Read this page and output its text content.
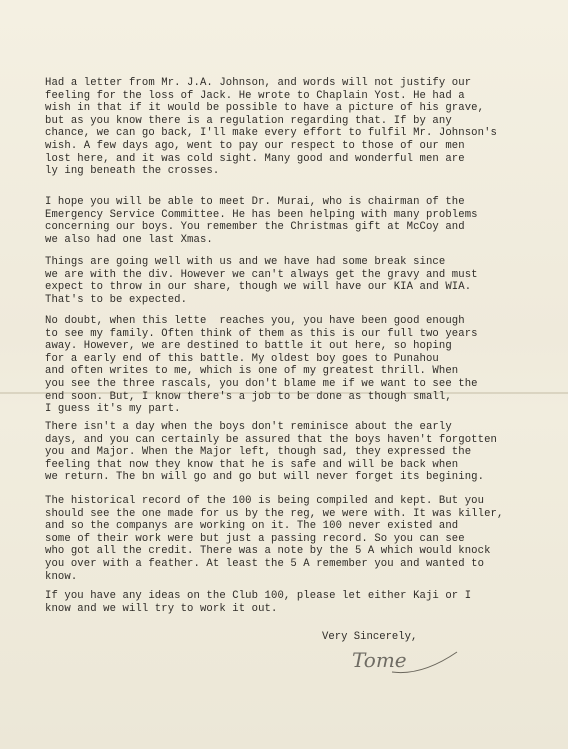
Had a letter from Mr. J.A. Johnson, and words will not justify our
feeling for the loss of Jack. He wrote to Chaplain Yost. He had a
wish in that if it would be possible to have a picture of his grave,
but as you know there is a regulation regarding that. If by any
chance, we can go back, I'll make every effort to fulfil Mr. Johnson's
wish. A few days ago, went to pay our respect to those of our men
lost here, and it was cold sight. Many good and wonderful men are
ly ing beneath the crosses.
I hope you will be able to meet Dr. Murai, who is chairman of the
Emergency Service Committee. He has been helping with many problems
concerning our boys. You remember the Christmas gift at McCoy and
we also had one last Xmas.
Things are going well with us and we have had some break since
we are with the div. However we can't always get the gravy and must
expect to throw in our share, though we will have our KIA and WIA.
That's to be expected.
No doubt, when this lette  reaches you, you have been good enough
to see my family. Often think of them as this is our full two years
away. However, we are destined to battle it out here, so hoping
for a early end of this battle. My oldest boy goes to Punahou
and often writes to me, which is one of my greatest thrill. When
you see the three rascals, you don't blame me if we want to see the
end soon. But, I know there's a job to be done as though small,
I guess it's my part.
There isn't a day when the boys don't reminisce about the early
days, and you can certainly be assured that the boys haven't forgotten
you and Major. When the Major left, though sad, they expressed the
feeling that now they know that he is safe and will be back when
we return. The bn will go and go but will never forget its begining.
The historical record of the 100 is being compiled and kept. But you
should see the one made for us by the reg, we were with. It was killer,
and so the companys are working on it. The 100 never existed and
some of their work were but just a passing record. So you can see
who got all the credit. There was a note by the 5 A which would knock
you over with a feather. At least the 5 A remember you and wanted to
know.
If you have any ideas on the Club 100, please let either Kaji or I
know and we will try to work it out.
Very Sincerely,
Tome
